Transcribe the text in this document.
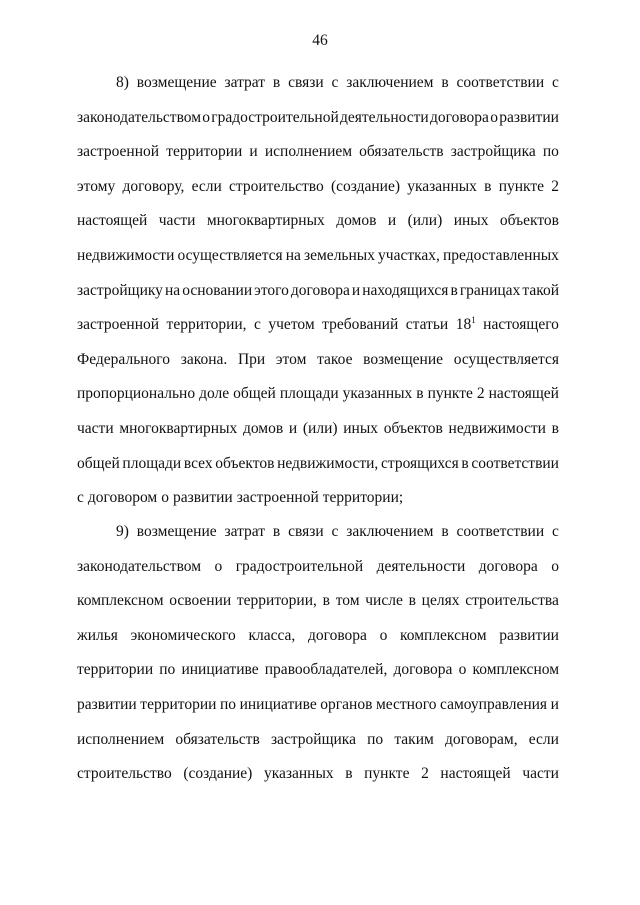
46
8) возмещение затрат в связи с заключением в соответствии с
законодательством о градостроительной деятельности договора о развитии
застроенной территории и исполнением обязательств застройщика по
этому договору, если строительство (создание) указанных в пункте 2
настоящей части многоквартирных домов и (или) иных объектов
недвижимости осуществляется на земельных участках, предоставленных
застройщику на основании этого договора и находящихся в границах такой
застроенной территории, с учетом требований статьи 18$^1$ настоящего
Федерального закона. При этом такое возмещение осуществляется
пропорционально доле общей площади указанных в пункте 2 настоящей
части многоквартирных домов и (или) иных объектов недвижимости в
общей площади всех объектов недвижимости, строящихся в соответствии
с договором о развитии застроенной территории;
9) возмещение затрат в связи с заключением в соответствии с
законодательством о градостроительной деятельности договора о
комплексном освоении территории, в том числе в целях строительства
жилья экономического класса, договора о комплексном развитии
территории по инициативе правообладателей, договора о комплексном
развитии территории по инициативе органов местного самоуправления и
исполнением обязательств застройщика по таким договорам, если
строительство (создание) указанных в пункте 2 настоящей части
